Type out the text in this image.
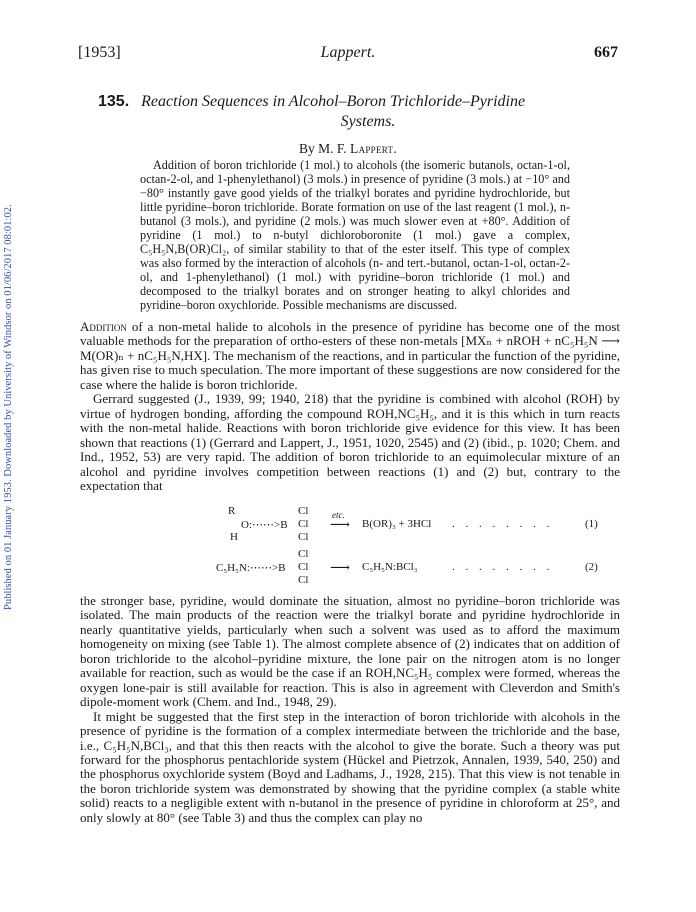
Published on 01 January 1953. Downloaded by University of Windsor on 01/06/2017 08:01:02.
[1953]	Lappert.	667
135. Reaction Sequences in Alcohol–Boron Trichloride–Pyridine
Systems.
By M. F. Lappert.

Addition of boron trichloride (1 mol.) to alcohols (the isomeric butanols, octan-1-ol, octan-2-ol, and 1-phenylethanol) (3 mols.) in presence of pyridine (3 mols.) at −10° and −80° instantly gave good yields of the trialkyl borates and pyridine hydrochloride, but little pyridine–boron trichloride. Borate formation on use of the last reagent (1 mol.), n-butanol (3 mols.), and pyridine (2 mols.) was much slower even at +80°. Addition of pyridine (1 mol.) to n-butyl dichloroboronite (1 mol.) gave a complex, C₅H₅N,B(OR)Cl₂, of similar stability to that of the ester itself. This type of complex was also formed by the interaction of alcohols (n- and tert.-butanol, octan-1-ol, octan-2-ol, and 1-phenylethanol) (1 mol.) with pyridine–boron trichloride (1 mol.) and decomposed to the trialkyl borates and on stronger heating to alkyl chlorides and pyridine–boron oxychloride. Possible mechanisms are discussed.

Addition of a non-metal halide to alcohols in the presence of pyridine has become one of the most valuable methods for the preparation of ortho-esters of these non-metals [MXₙ + nROH + nC₅H₅N ⟶ M(OR)ₙ + nC₅H₅N,HX]. The mechanism of the reactions, and in particular the function of the pyridine, has given rise to much speculation. The more important of these suggestions are now considered for the case where the halide is boron trichloride.

Gerrard suggested (J., 1939, 99; 1940, 218) that the pyridine is combined with alcohol (ROH) by virtue of hydrogen bonding, affording the compound ROH,NC₅H₅, and it is this which in turn reacts with the non-metal halide. Reactions with boron trichloride give evidence for this view. It has been shown that reactions (1) (Gerrard and Lappert, J., 1951, 1020, 2545) and (2) (ibid., p. 1020; Chem. and Ind., 1952, 53) are very rapid. The addition of boron trichloride to an equimolecular mixture of an alcohol and pyridine involves competition between reactions (1) and (2) but, contrary to the expectation that

R
H
O:⋯⋯>B
Cl
Cl
Cl
etc.
⟶ B(OR)₃ + 3HCl . . . . . . . .	(1)
Cl
C₅H₅N:⋯⋯>B Cl
Cl
⟶ C₅H₅N:BCl₃	. . . . . . . .	(2)

the stronger base, pyridine, would dominate the situation, almost no pyridine–boron trichloride was isolated. The main products of the reaction were the trialkyl borate and pyridine hydrochloride in nearly quantitative yields, particularly when such a solvent was used as to afford the maximum homogeneity on mixing (see Table 1). The almost complete absence of (2) indicates that on addition of boron trichloride to the alcohol–pyridine mixture, the lone pair on the nitrogen atom is no longer available for reaction, such as would be the case if an ROH,NC₅H₅ complex were formed, whereas the oxygen lone-pair is still available for reaction. This is also in agreement with Cleverdon and Smith's dipole-moment work (Chem. and Ind., 1948, 29).

It might be suggested that the first step in the interaction of boron trichloride with alcohols in the presence of pyridine is the formation of a complex intermediate between the trichloride and the base, i.e., C₅H₅N,BCl₃, and that this then reacts with the alcohol to give the borate. Such a theory was put forward for the phosphorus pentachloride system (Hückel and Pietrzok, Annalen, 1939, 540, 250) and the phosphorus oxychloride system (Boyd and Ladhams, J., 1928, 215). That this view is not tenable in the boron trichloride system was demonstrated by showing that the pyridine complex (a stable white solid) reacts to a negligible extent with n-butanol in the presence of pyridine in chloroform at 25°, and only slowly at 80° (see Table 3) and thus the complex can play no
